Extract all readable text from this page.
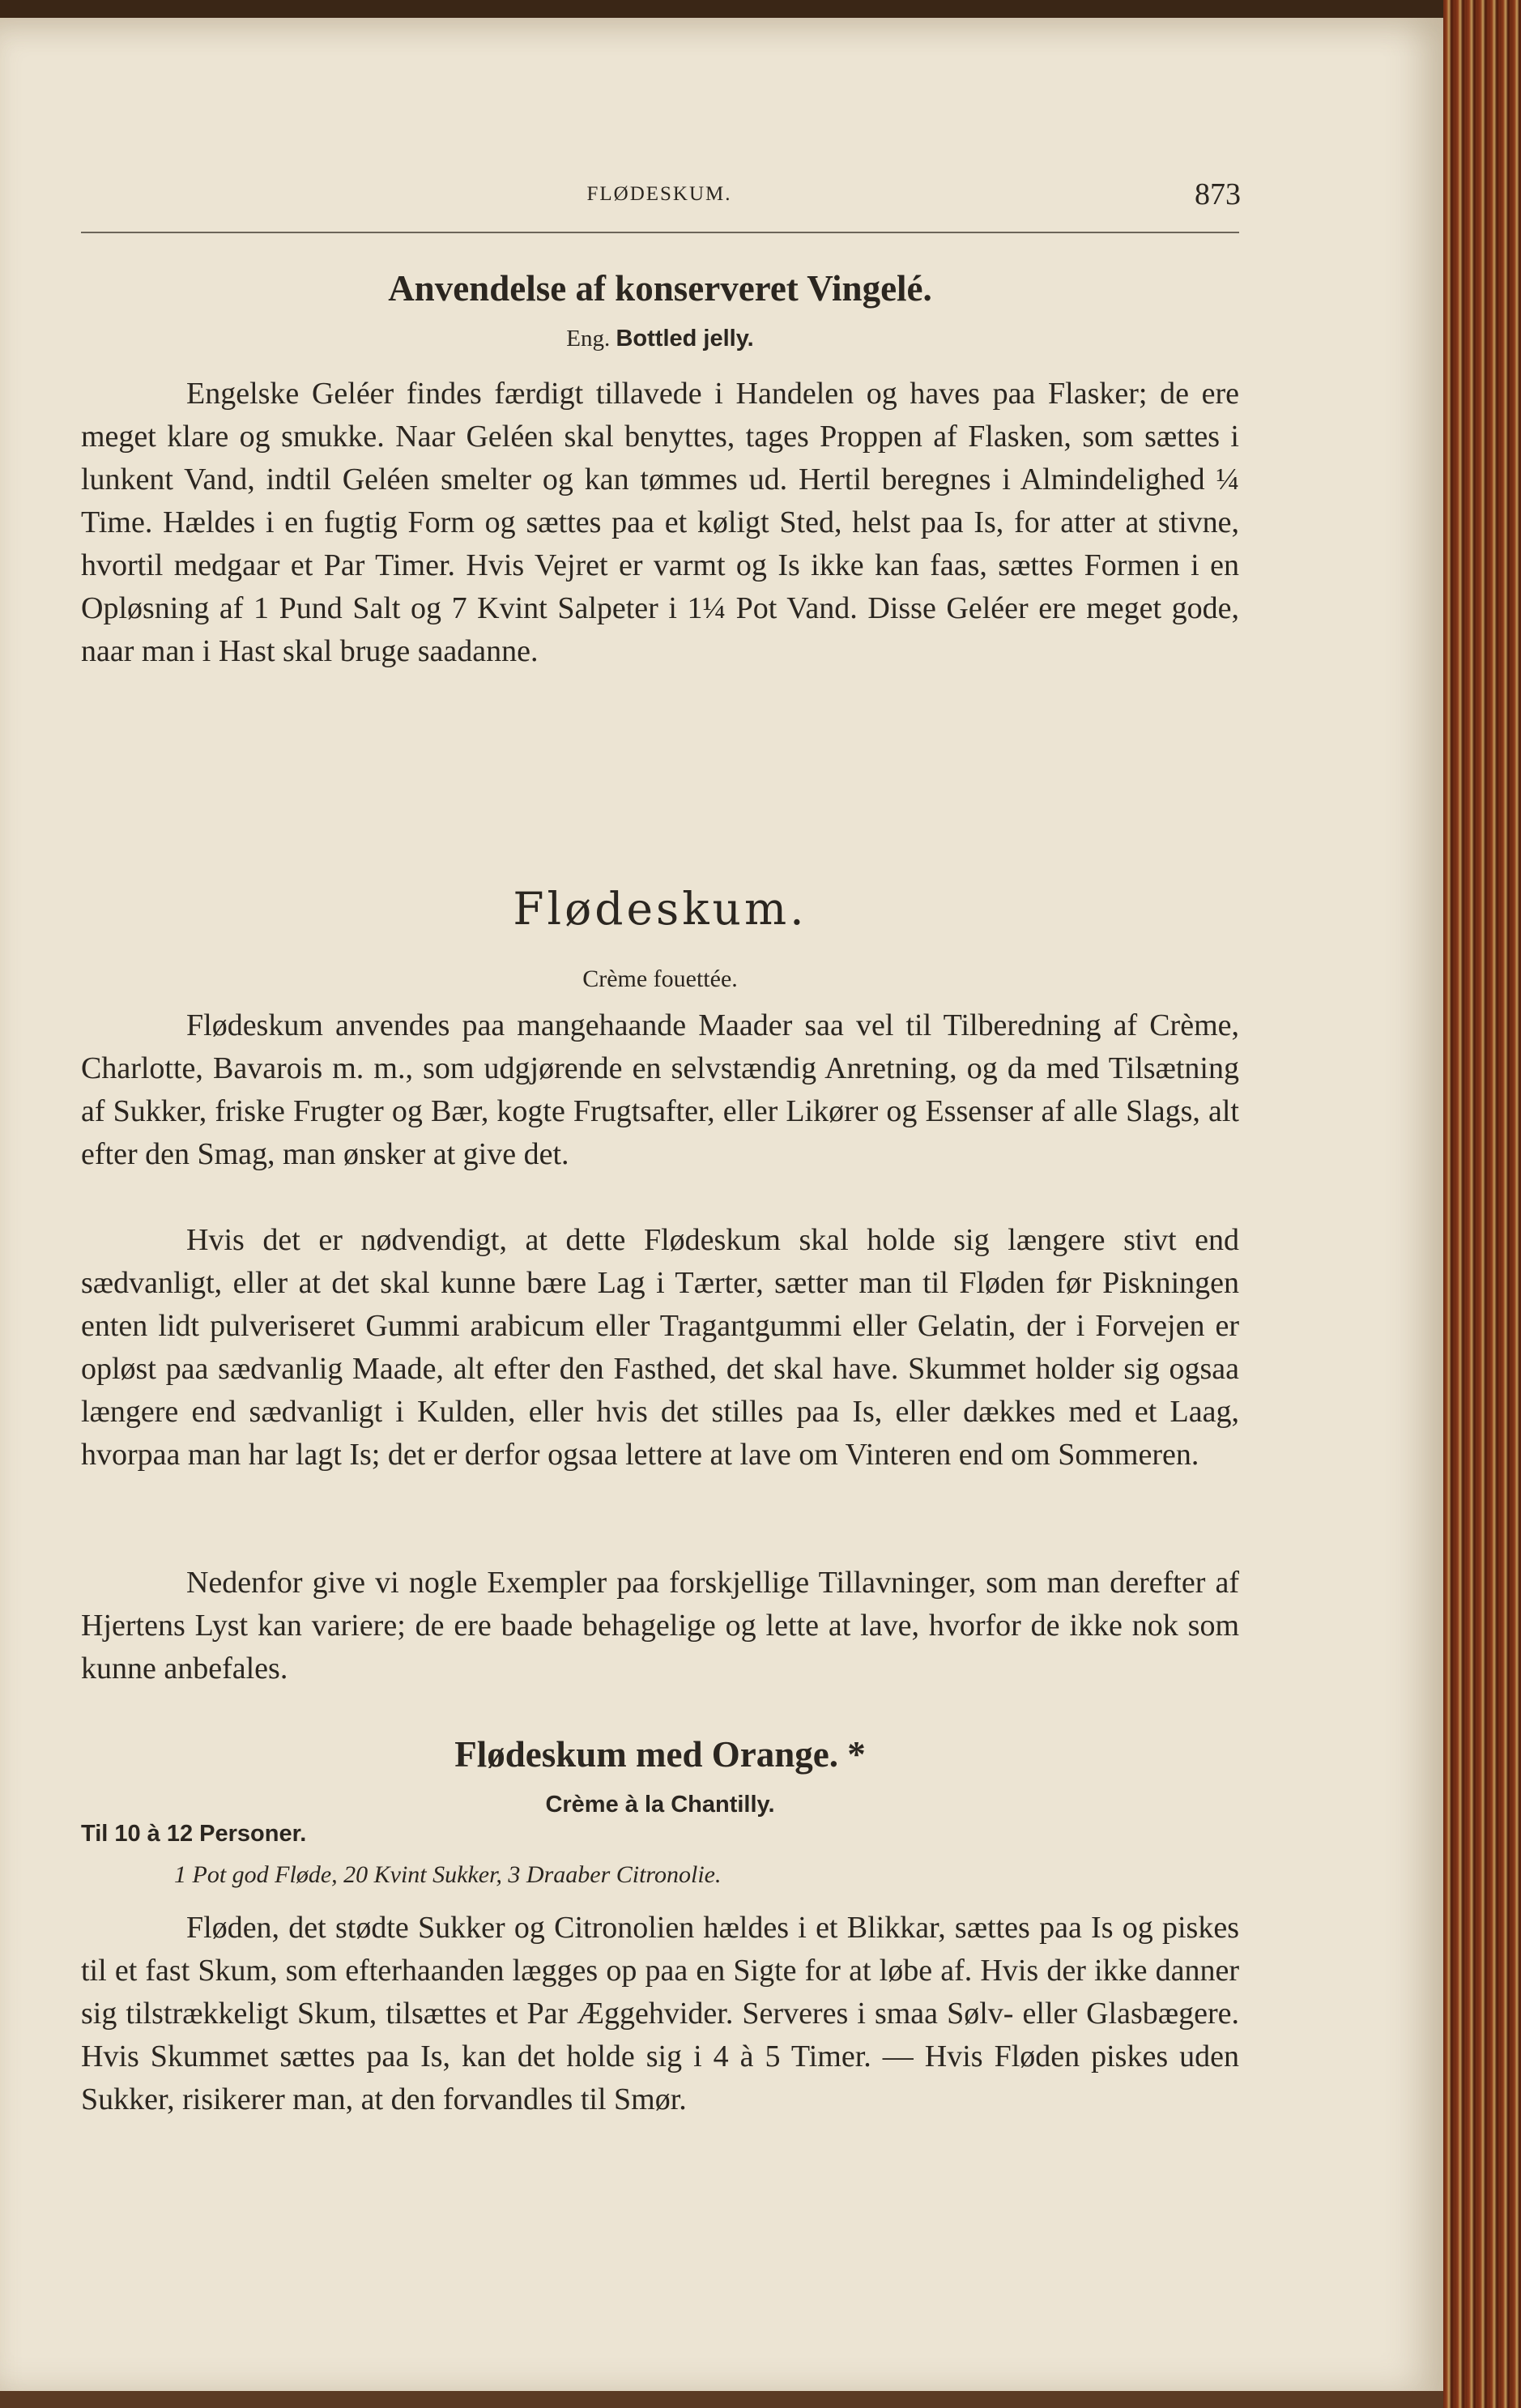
FLØDESKUM.	873
Anvendelse af konserveret Vingelé.
Eng. Bottled jelly.
Engelske Geléer findes færdigt tillavede i Handelen og haves paa Flasker; de ere meget klare og smukke. Naar Geléen skal benyttes, tages Proppen af Flasken, som sættes i lunkent Vand, indtil Geléen smelter og kan tømmes ud. Hertil beregnes i Almindelighed ¼ Time. Hældes i en fugtig Form og sættes paa et køligt Sted, helst paa Is, for atter at stivne, hvortil medgaar et Par Timer. Hvis Vejret er varmt og Is ikke kan faas, sættes Formen i en Opløsning af 1 Pund Salt og 7 Kvint Salpeter i 1¼ Pot Vand. Disse Geléer ere meget gode, naar man i Hast skal bruge saadanne.
Flødeskum.
Crème fouettée.
Flødeskum anvendes paa mangehaande Maader saa vel til Tilberedning af Crème, Charlotte, Bavarois m. m., som udgjørende en selvstændig Anretning, og da med Tilsætning af Sukker, friske Frugter og Bær, kogte Frugtsafter, eller Likører og Essenser af alle Slags, alt efter den Smag, man ønsker at give det.
Hvis det er nødvendigt, at dette Flødeskum skal holde sig længere stivt end sædvanligt, eller at det skal kunne bære Lag i Tærter, sætter man til Fløden før Piskningen enten lidt pulveriseret Gummi arabicum eller Tragantgummi eller Gelatin, der i Forvejen er opløst paa sædvanlig Maade, alt efter den Fasthed, det skal have. Skummet holder sig ogsaa længere end sædvanligt i Kulden, eller hvis det stilles paa Is, eller dækkes med et Laag, hvorpaa man har lagt Is; det er derfor ogsaa lettere at lave om Vinteren end om Sommeren.
Nedenfor give vi nogle Exempler paa forskjellige Tillavninger, som man derefter af Hjertens Lyst kan variere; de ere baade behagelige og lette at lave, hvorfor de ikke nok som kunne anbefales.
Flødeskum med Orange. *
Crème à la Chantilly.
Til 10 à 12 Personer.
1 Pot god Fløde, 20 Kvint Sukker, 3 Draaber Citronolie.
Fløden, det stødte Sukker og Citronolien hældes i et Blikkar, sættes paa Is og piskes til et fast Skum, som efterhaanden lægges op paa en Sigte for at løbe af. Hvis der ikke danner sig tilstrækkeligt Skum, tilsættes et Par Æggehvider. Serveres i smaa Sølv- eller Glasbægere. Hvis Skummet sættes paa Is, kan det holde sig i 4 à 5 Timer. — Hvis Fløden piskes uden Sukker, risikerer man, at den forvandles til Smør.
